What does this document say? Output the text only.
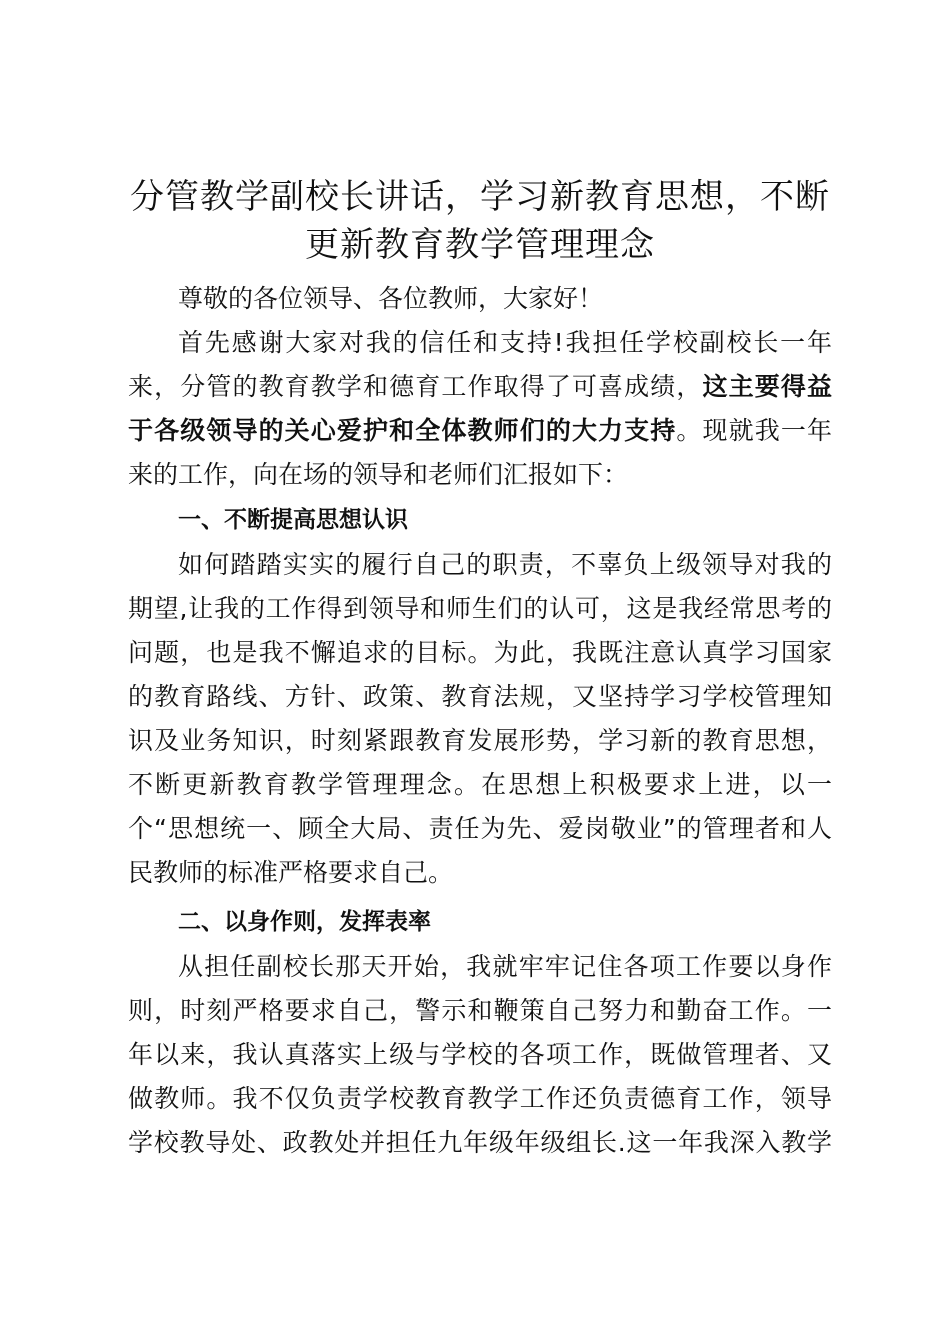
分管教学副校长讲话，学习新教育思想，不断
更新教育教学管理理念
尊敬的各位领导、各位教师，大家好！
首先感谢大家对我的信任和支持!我担任学校副校长一年
来，分管的教育教学和德育工作取得了可喜成绩，这主要得益
于各级领导的关心爱护和全体教师们的大力支持。现就我一年
来的工作，向在场的领导和老师们汇报如下：
一、不断提高思想认识
如何踏踏实实的履行自己的职责，不辜负上级领导对我的
期望,让我的工作得到领导和师生们的认可，这是我经常思考的
问题，也是我不懈追求的目标。为此，我既注意认真学习国家
的教育路线、方针、政策、教育法规，又坚持学习学校管理知
识及业务知识，时刻紧跟教育发展形势，学习新的教育思想，
不断更新教育教学管理理念。在思想上积极要求上进，以一
个“思想统一、顾全大局、责任为先、爱岗敬业”的管理者和人
民教师的标准严格要求自己。
二、以身作则，发挥表率
从担任副校长那天开始，我就牢牢记住各项工作要以身作
则，时刻严格要求自己，警示和鞭策自己努力和勤奋工作。一
年以来，我认真落实上级与学校的各项工作，既做管理者、又
做教师。我不仅负责学校教育教学工作还负责德育工作，领导
学校教导处、政教处并担任九年级年级组长.这一年我深入教学
